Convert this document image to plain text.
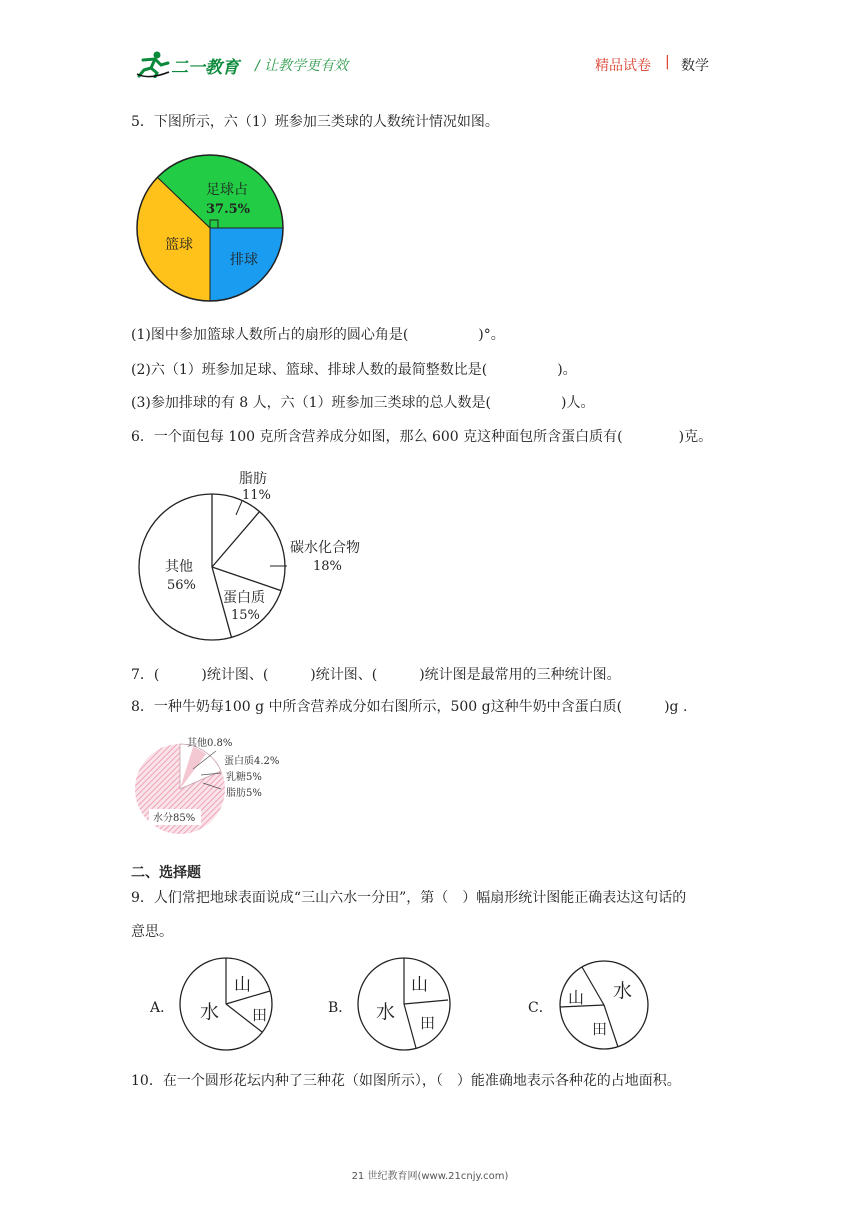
二一教育 / 让教学更有效	精品试卷 | 数学
5．下图所示，六（1）班参加三类球的人数统计情况如图。
足球占
37.5%
篮球
排球
(1)图中参加篮球人数所占的扇形的圆心角是(　　　　　)°。
(2)六（1）班参加足球、篮球、排球人数的最简整数比是(　　　　　)。
(3)参加排球的有 8 人，六（1）班参加三类球的总人数是(　　　　　)人。
6．一个面包每 100 克所含营养成分如图，那么 600 克这种面包所含蛋白质有(　　　　)克。
脂肪
11%
碳水化合物
18%
蛋白质
15%
其他
56%
7．(　　　)统计图、(　　　)统计图、(　　　)统计图是最常用的三种统计图。
8．一种牛奶每100 g 中所含营养成分如右图所示，500 g这种牛奶中含蛋白质(　　　)g .
其他0.8%
蛋白质4.2%
乳糖5%
脂肪5%
水分85%
二、选择题
9．人们常把地球表面说成“三山六水一分田”，第（　）幅扇形统计图能正确表达这句话的
意思。
A．
山
水 田	B．
山
水 田
C．
水
山
田
10．在一个圆形花坛内种了三种花（如图所示），（　）能准确地表示各种花的占地面积。
21 世纪教育网(www.21cnjy.com)
